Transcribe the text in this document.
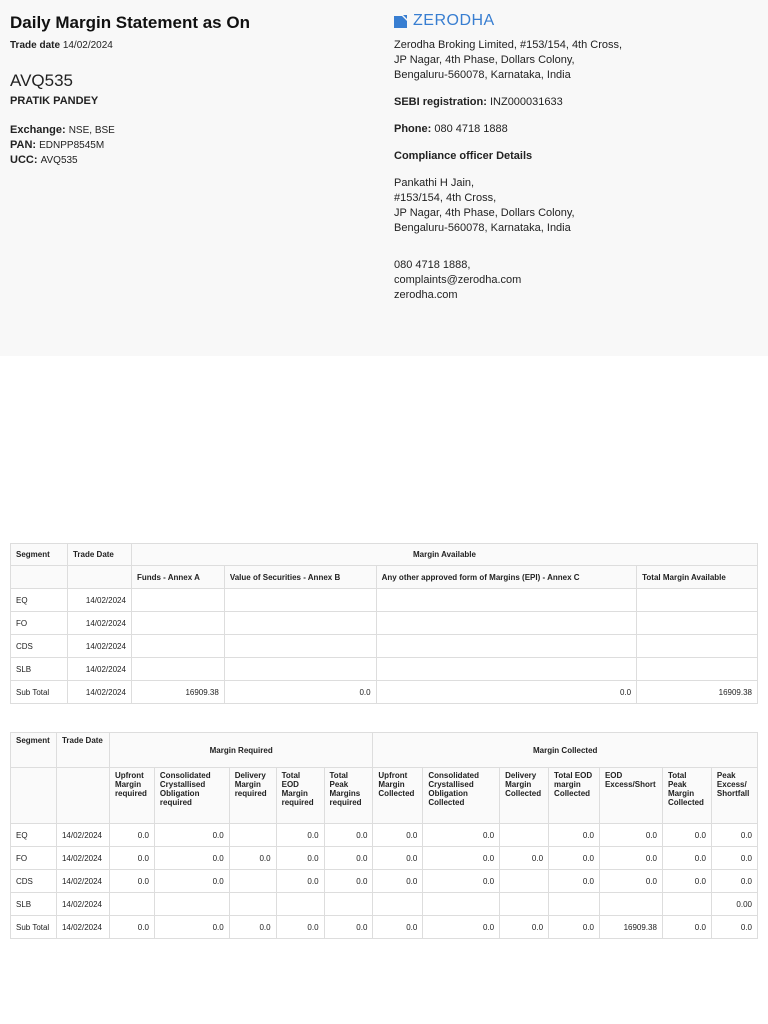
Daily Margin Statement as On
Trade date 14/02/2024
AVQ535
PRATIK PANDEY
Exchange: NSE, BSE
PAN: EDNPP8545M
UCC: AVQ535
ZERODHA
Zerodha Broking Limited, #153/154, 4th Cross,
JP Nagar, 4th Phase, Dollars Colony,
Bengaluru-560078, Karnataka, India
SEBI registration: INZ000031633
Phone: 080 4718 1888
Compliance officer Details
Pankathi H Jain,
#153/154, 4th Cross,
JP Nagar, 4th Phase, Dollars Colony,
Bengaluru-560078, Karnataka, India
080 4718 1888,
complaints@zerodha.com
zerodha.com
Segment	Trade Date	Margin Available			
		Funds - Annex A	Value of Securities - Annex B	Any other approved form of Margins (EPI) - Annex C	Total Margin Available
EQ	14/02/2024				
FO	14/02/2024				
CDS	14/02/2024				
SLB	14/02/2024				
Sub Total	14/02/2024	16909.38	0.0	0.0	16909.38
Segment	Trade Date	Margin Required					Margin Collected						
		Upfront Margin required	Consolidated Crystallised Obligation required	Delivery Margin required	Total EOD Margin required	Total Peak Margins required	Upfront Margin Collected	Consolidated Crystallised Obligation Collected	Delivery Margin Collected	Total EOD margin Collected	EOD Excess/Short	Total Peak Margin Collected	Peak Excess/ Shortfall
EQ	14/02/2024	0.0	0.0		0.0	0.0	0.0	0.0		0.0	0.0	0.0	0.0
FO	14/02/2024	0.0	0.0	0.0	0.0	0.0	0.0	0.0	0.0	0.0	0.0	0.0	0.0
CDS	14/02/2024	0.0	0.0		0.0	0.0	0.0	0.0		0.0	0.0	0.0	0.0
SLB	14/02/2024												0.00
Sub Total	14/02/2024	0.0	0.0	0.0	0.0	0.0	0.0	0.0	0.0	0.0	16909.38	0.0	0.0
